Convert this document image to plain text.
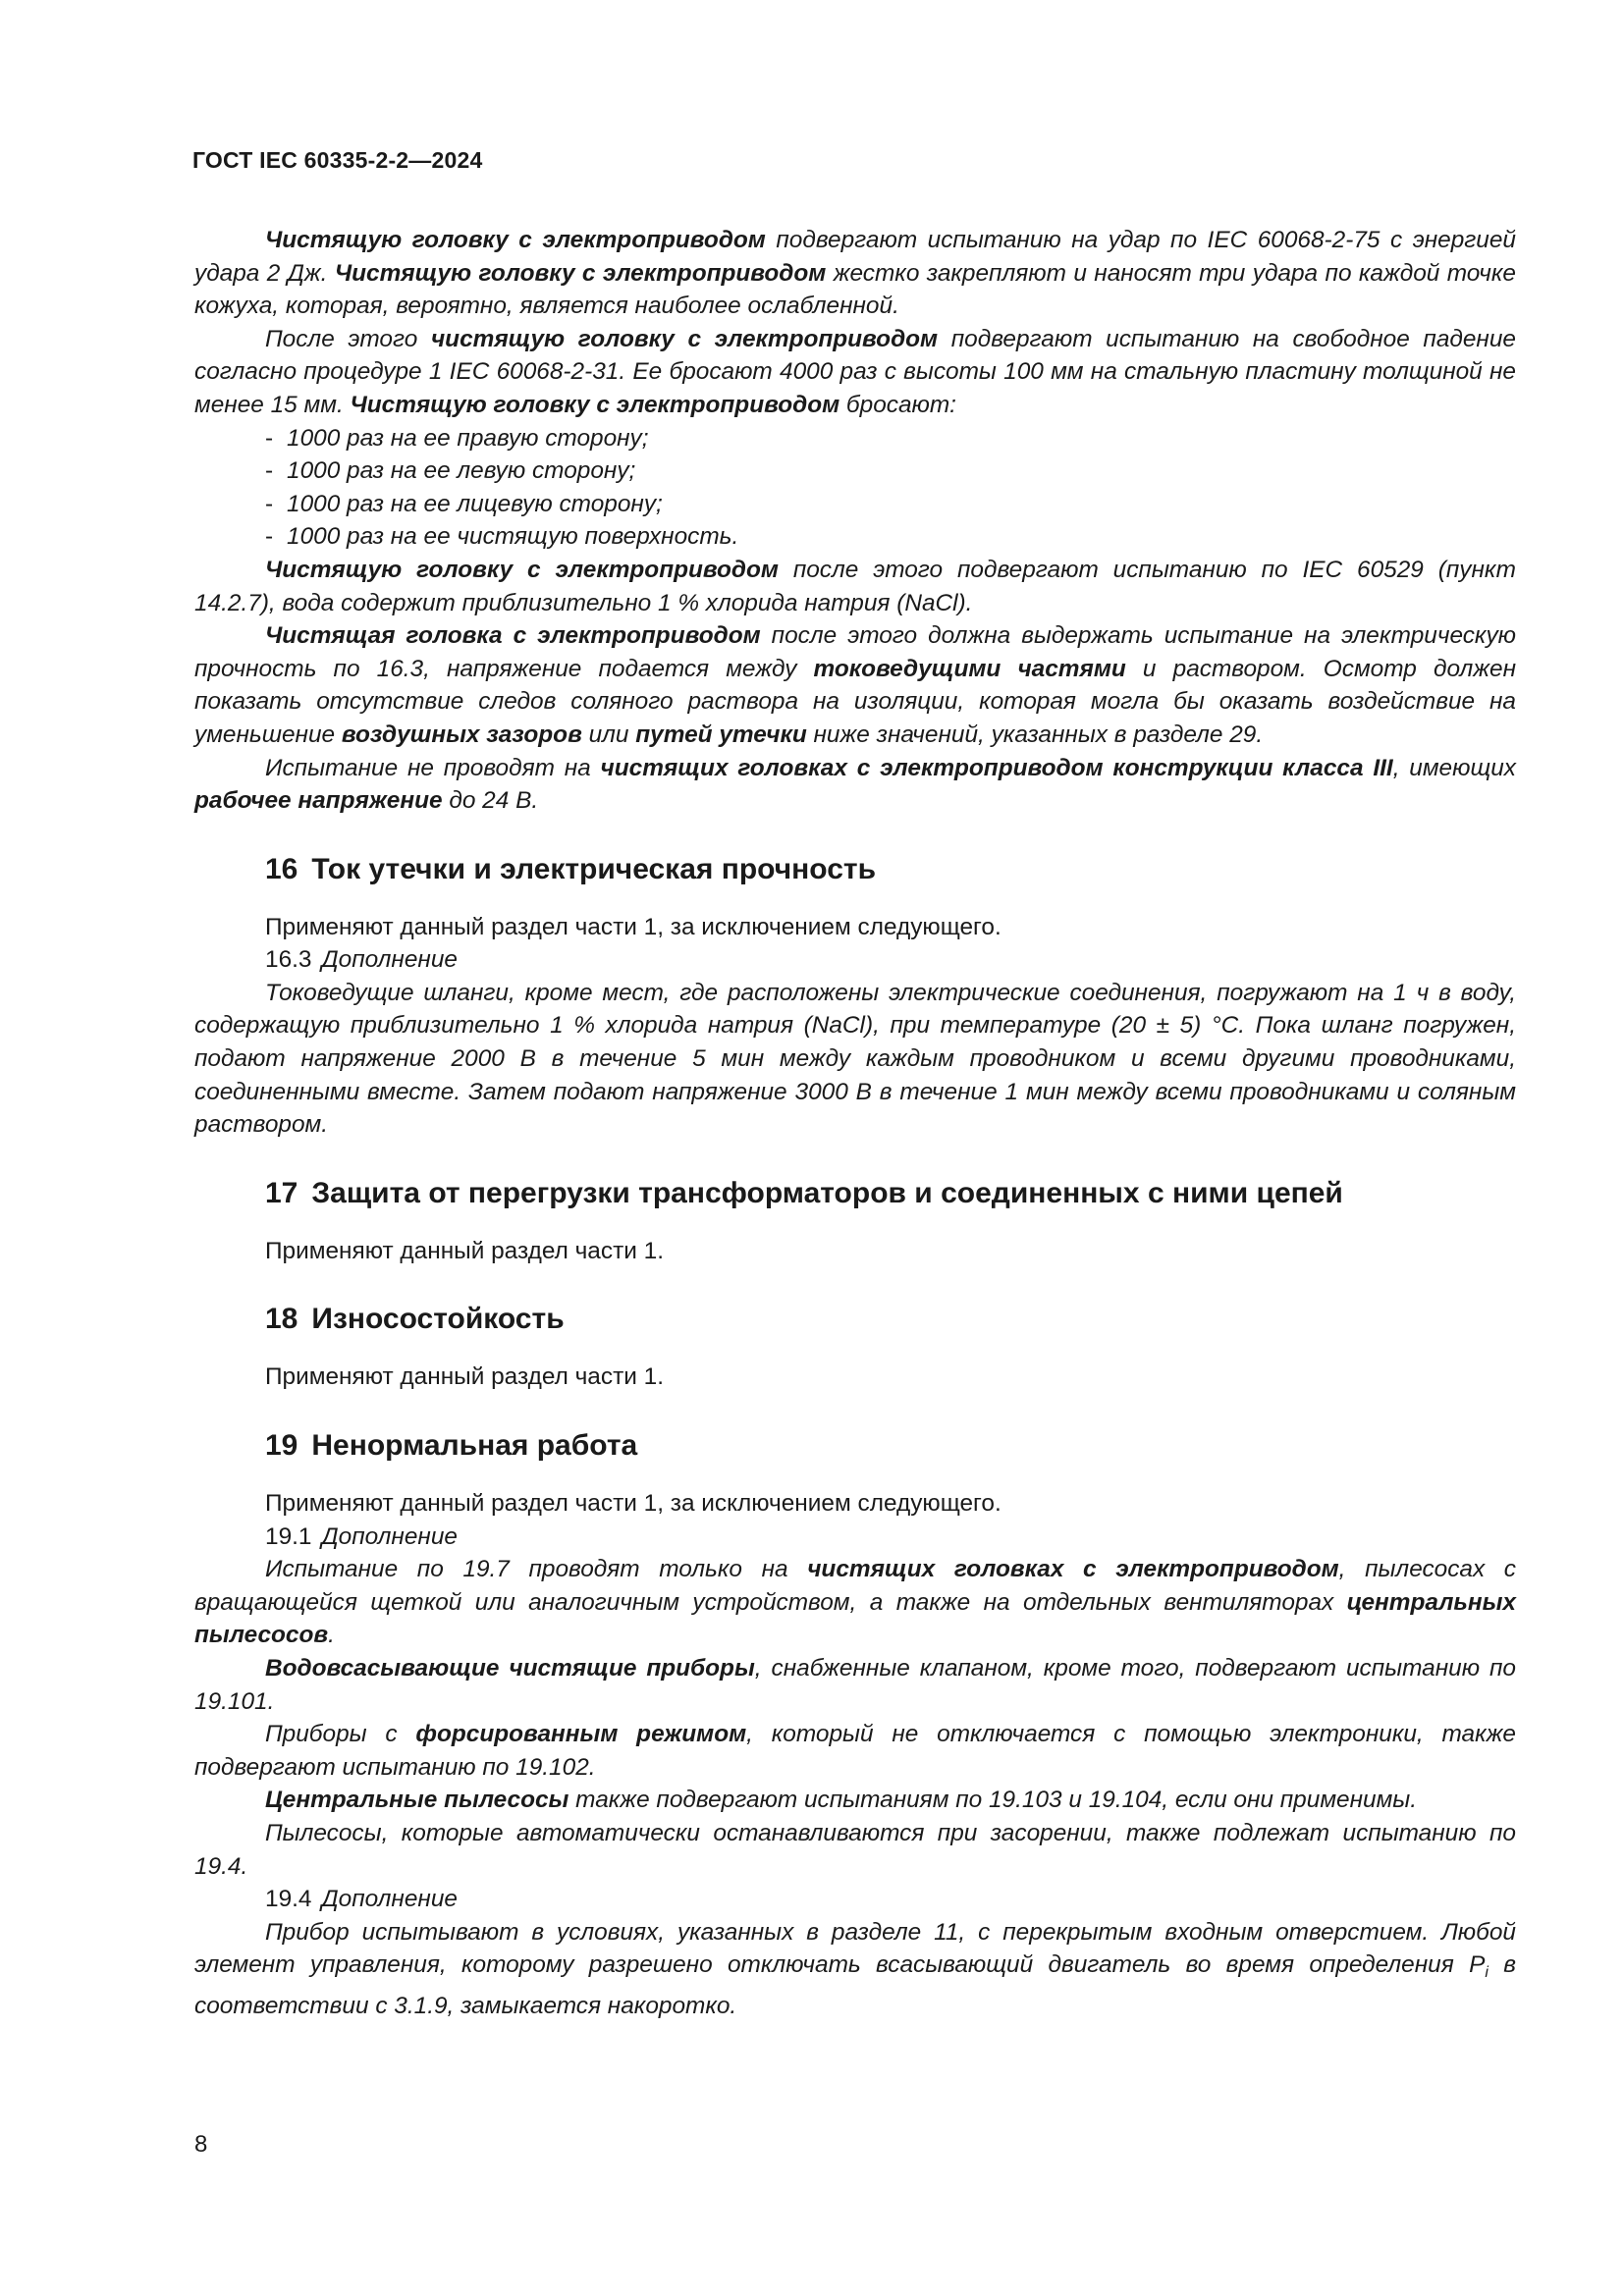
ГОСТ IEC 60335-2-2—2024

Чистящую головку с электроприводом подвергают испытанию на удар по IEC 60068-2-75 с энергией удара 2 Дж. Чистящую головку с электроприводом жестко закрепляют и наносят три удара по каждой точке кожуха, которая, вероятно, является наиболее ослабленной.

После этого чистящую головку с электроприводом подвергают испытанию на свободное падение согласно процедуре 1 IEC 60068-2-31. Ее бросают 4000 раз с высоты 100 мм на стальную пластину толщиной не менее 15 мм. Чистящую головку с электроприводом бросают:

- 1000 раз на ее правую сторону;

- 1000 раз на ее левую сторону;

- 1000 раз на ее лицевую сторону;

- 1000 раз на ее чистящую поверхность.

Чистящую головку с электроприводом после этого подвергают испытанию по IEC 60529 (пункт 14.2.7), вода содержит приблизительно 1 % хлорида натрия (NaCl).

Чистящая головка с электроприводом после этого должна выдержать испытание на электрическую прочность по 16.3, напряжение подается между токоведущими частями и раствором. Осмотр должен показать отсутствие следов соляного раствора на изоляции, которая могла бы оказать воздействие на уменьшение воздушных зазоров или путей утечки ниже значений, указанных в разделе 29.

Испытание не проводят на чистящих головках с электроприводом конструкции класса III, имеющих рабочее напряжение до 24 В.

16 Ток утечки и электрическая прочность

Применяют данный раздел части 1, за исключением следующего.

16.3 Дополнение

Токоведущие шланги, кроме мест, где расположены электрические соединения, погружают на 1 ч в воду, содержащую приблизительно 1 % хлорида натрия (NaCl), при температуре (20 ± 5) °С. Пока шланг погружен, подают напряжение 2000 В в течение 5 мин между каждым проводником и всеми другими проводниками, соединенными вместе. Затем подают напряжение 3000 В в течение 1 мин между всеми проводниками и соляным раствором.

17 Защита от перегрузки трансформаторов и соединенных с ними цепей

Применяют данный раздел части 1.

18 Износостойкость

Применяют данный раздел части 1.

19 Ненормальная работа

Применяют данный раздел части 1, за исключением следующего.

19.1 Дополнение

Испытание по 19.7 проводят только на чистящих головках с электроприводом, пылесосах с вращающейся щеткой или аналогичным устройством, а также на отдельных вентиляторах центральных пылесосов.

Водовсасывающие чистящие приборы, снабженные клапаном, кроме того, подвергают испытанию по 19.101.

Приборы с форсированным режимом, который не отключается с помощью электроники, также подвергают испытанию по 19.102.

Центральные пылесосы также подвергают испытаниям по 19.103 и 19.104, если они применимы.

Пылесосы, которые автоматически останавливаются при засорении, также подлежат испытанию по 19.4.

19.4 Дополнение

Прибор испытывают в условиях, указанных в разделе 11, с перекрытым входным отверстием. Любой элемент управления, которому разрешено отключать всасывающий двигатель во время определения $P_i$ в соответствии с 3.1.9, замыкается накоротко.

8
